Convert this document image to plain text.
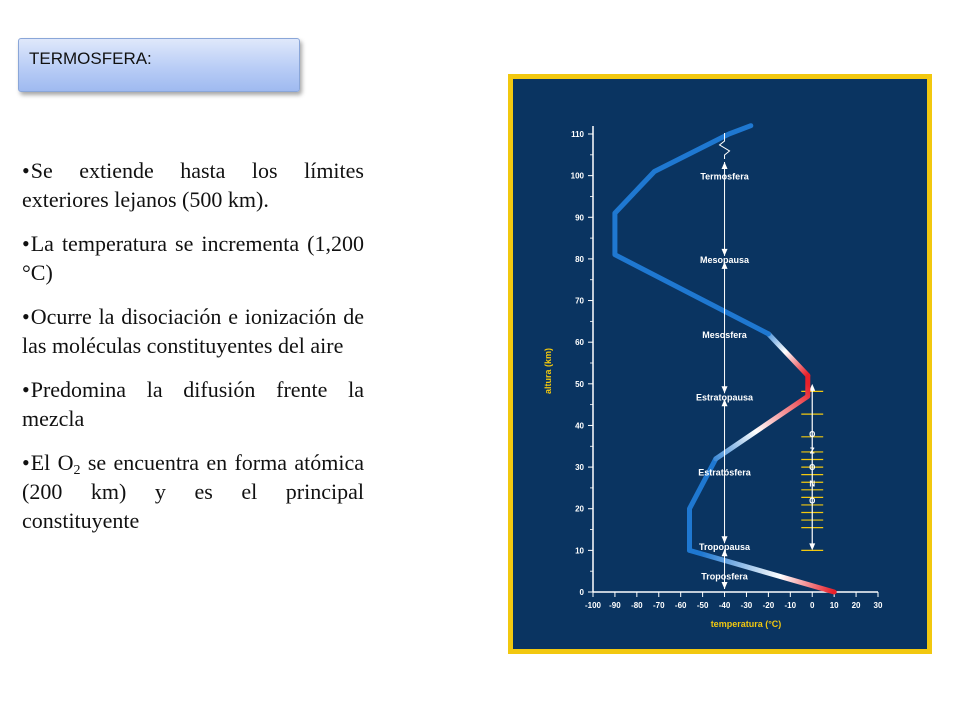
TERMOSFERA:
•Se extiende hasta los límites exteriores lejanos (500 km).
•La temperatura se incrementa (1,200 °C)
•Ocurre la disociación e ionización de las moléculas constituyentes del aire
•Predomina la difusión frente la mezcla
•El $O_2$ se encuentra en forma atómica (200 km) y es el principal constituyente
0
10
20
30
40
50
60
70
80
90
100
110
-100 -90 -80 -70 -60 -50 -40 -30 -20 -10 0 10 20 30
O
Z
O
N
O
Termosfera
Mesopausa
Mesosfera
Estratopausa
Estratósfera
Tropopausa
Troposfera
altura (km)
temperatura (°C)
